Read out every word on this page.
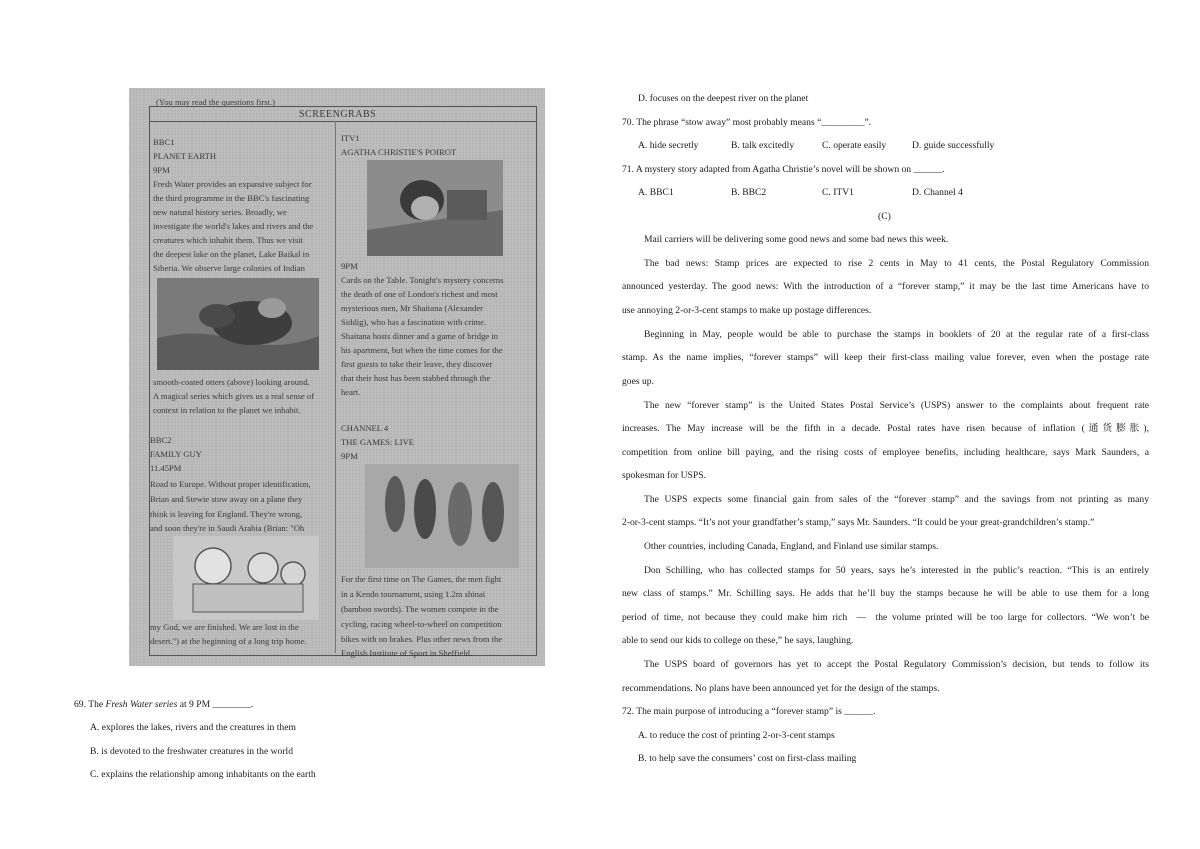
(You may read the questions first.)
SCREENGRABS
BBC1
PLANET EARTH
9PM
Fresh Water provides an expansive subject for
the third programme in the BBC's fascinating
new natural history series. Broadly, we
investigate the world's lakes and rivers and the
creatures which inhabit them. Thus we visit
the deepest lake on the planet, Lake Baikal in
Siberia. We observe large colonies of Indian
smooth-coated otters (above) looking around.
A magical series which gives us a real sense of
context in relation to the planet we inhabit.
ITV1
AGATHA CHRISTIE'S POIROT
9PM
Cards on the Table. Tonight's mystery concerns
the death of one of London's richest and most
mysterious men, Mr Shaitana (Alexander
Siddig), who has a fascination with crime.
Shaitana hosts dinner and a game of bridge in
his apartment, but when the time comes for the
first guests to take their leave, they discover
that their host has been stabbed through the
heart.
BBC2
FAMILY GUY
11.45PM
Road to Europe. Without proper identification,
Brian and Stewie stow away on a plane they
think is leaving for England. They're wrong,
and soon they're in Saudi Arabia (Brian: "Oh
my God, we are finished. We are lost in the
desert.") at the beginning of a long trip home.
CHANNEL 4
THE GAMES: LIVE
9PM
For the first time on The Games, the men fight
in a Kendo tournament, using 1.2m shinai
(bamboo swords). The women compete in the
cycling, racing wheel-to-wheel on competition
bikes with no brakes. Plus other news from the
English Institute of Sport in Sheffield.
69. The Fresh Water series at 9 PM ________.
A. explores the lakes, rivers and the creatures in them
B. is devoted to the freshwater creatures in the world
C. explains the relationship among inhabitants on the earth
D. focuses on the deepest river on the planet
70. The phrase “stow away” most probably means “_________”.
A. hide secretly	B. talk excitedly	C. operate easily	D. guide successfully
71. A mystery story adapted from Agatha Christie’s novel will be shown on ______.
A. BBC1	B. BBC2	C. ITV1	D. Channel 4
(C)
Mail carriers will be delivering some good news and some bad news this week.
The bad news: Stamp prices are expected to rise 2 cents in May to 41 cents, the Postal Regulatory Commission
announced yesterday. The good news: With the introduction of a “forever stamp,” it may be the last time Americans have to
use annoying 2-or-3-cent stamps to make up postage differences.
Beginning in May, people would be able to purchase the stamps in booklets of 20 at the regular rate of a first-class
stamp. As the name implies, “forever stamps” will keep their first-class mailing value forever, even when the postage rate
goes up.
The new “forever stamp” is the United States Postal Service’s (USPS) answer to the complaints about frequent rate
increases. The May increase will be the fifth in a decade. Postal rates have risen because of inflation (通货膨胀),
competition from online bill paying, and the rising costs of employee benefits, including healthcare, says Mark Saunders, a
spokesman for USPS.
The USPS expects some financial gain from sales of the “forever stamp” and the savings from not printing as many
2-or-3-cent stamps. “It’s not your grandfather’s stamp,” says Mr. Saunders. “It could be your great-grandchildren’s stamp.”
Other countries, including Canada, England, and Finland use similar stamps.
Don Schilling, who has collected stamps for 50 years, says he’s interested in the public’s reaction. “This is an entirely
new class of stamps.” Mr. Schilling says. He adds that he’ll buy the stamps because he will be able to use them for a long
period of time, not because they could make him rich  —  the volume printed will be too large for collectors. “We won’t be
able to send our kids to college on these,” he says, laughing.
The USPS board of governors has yet to accept the Postal Regulatory Commission’s decision, but tends to follow its
recommendations. No plans have been announced yet for the design of the stamps.
72. The main purpose of introducing a “forever stamp” is ______.
A. to reduce the cost of printing 2-or-3-cent stamps
B. to help save the consumers’ cost on first-class mailing
